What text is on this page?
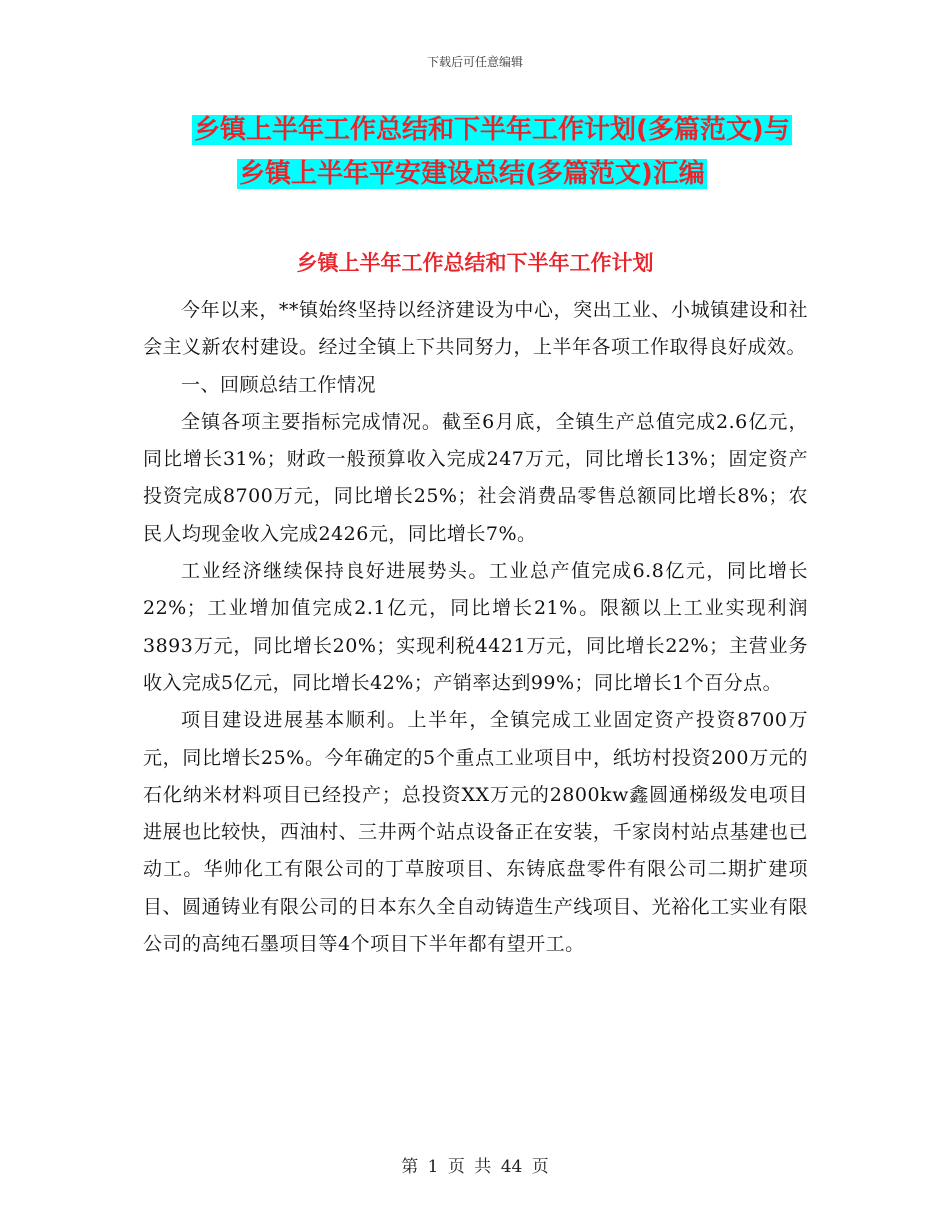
下载后可任意编辑
乡镇上半年工作总结和下半年工作计划(多篇范文)与
乡镇上半年平安建设总结(多篇范文)汇编
乡镇上半年工作总结和下半年工作计划

今年以来，**镇始终坚持以经济建设为中心，突出工业、小城镇建设和社会主义新农村建设。经过全镇上下共同努力，上半年各项工作取得良好成效。

一、回顾总结工作情况

全镇各项主要指标完成情况。截至6月底，全镇生产总值完成2.6亿元，同比增长31%；财政一般预算收入完成247万元，同比增长13%；固定资产投资完成8700万元，同比增长25%；社会消费品零售总额同比增长8%；农民人均现金收入完成2426元，同比增长7%。

工业经济继续保持良好进展势头。工业总产值完成6.8亿元，同比增长22%；工业增加值完成2.1亿元，同比增长21%。限额以上工业实现利润3893万元，同比增长20%；实现利税4421万元，同比增长22%；主营业务收入完成5亿元，同比增长42%；产销率达到99%；同比增长1个百分点。

项目建设进展基本顺利。上半年，全镇完成工业固定资产投资8700万元，同比增长25%。今年确定的5个重点工业项目中，纸坊村投资200万元的石化纳米材料项目已经投产；总投资XX万元的2800kw鑫圆通梯级发电项目进展也比较快，西油村、三井两个站点设备正在安装，千家岗村站点基建也已动工。华帅化工有限公司的丁草胺项目、东铸底盘零件有限公司二期扩建项目、圆通铸业有限公司的日本东久全自动铸造生产线项目、光裕化工实业有限公司的高纯石墨项目等4个项目下半年都有望开工。

第 1 页 共 44 页
